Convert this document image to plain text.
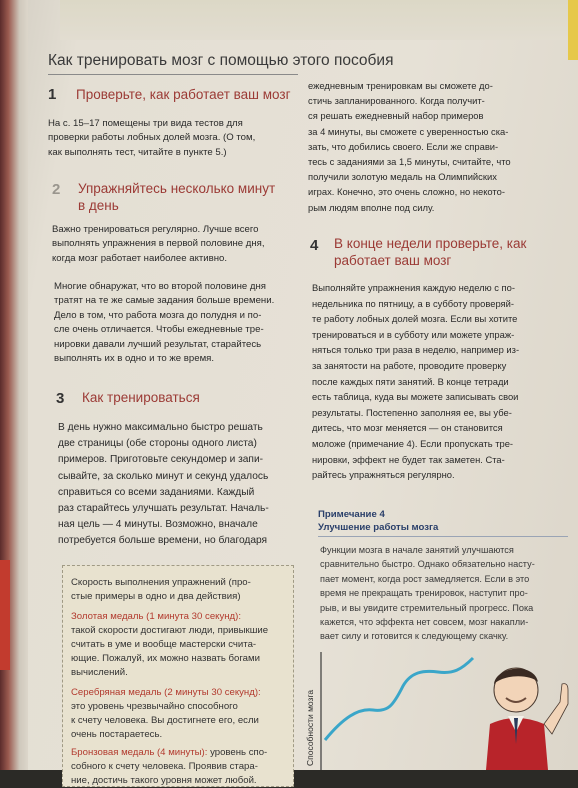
Как тренировать мозг с помощью этого пособия
1 Проверьте, как работает ваш мозг

На с. 15–17 помещены три вида тестов для

проверки работы лобных долей мозга. (О том,

как выполнять тест, читайте в пункте 5.)

2 Упражняйтесь несколько минут
в день

Важно тренироваться регулярно. Лучше всего

выполнять упражнения в первой половине дня,

когда мозг работает наиболее активно.

Многие обнаружат, что во второй половине дня

тратят на те же самые задания больше времени.

Дело в том, что работа мозга до полудня и по-

сле очень отличается. Чтобы ежедневные тре-

нировки давали лучший результат, старайтесь

выполнять их в одно и то же время.

3 Как тренироваться

В день нужно максимально быстро решать

две страницы (обе стороны одного листа)

примеров. Приготовьте секундомер и запи-

сывайте, за сколько минут и секунд удалось

справиться со всеми заданиями. Каждый

раз старайтесь улучшать результат. Началь-

ная цель — 4 минуты. Возможно, вначале

потребуется больше времени, но благодаря

ежедневным тренировкам вы сможете до-

стичь запланированного. Когда получит-

ся решать ежедневный набор примеров

за 4 минуты, вы сможете с уверенностью ска-

зать, что добились своего. Если же справи-

тесь с заданиями за 1,5 минуты, считайте, что

получили золотую медаль на Олимпийских

играх. Конечно, это очень сложно, но некото-

рым людям вполне под силу.

4 В конце недели проверьте, как
работает ваш мозг

Выполняйте упражнения каждую неделю с по-

недельника по пятницу, а в субботу проверяй-

те работу лобных долей мозга. Если вы хотите

тренироваться и в субботу или можете упраж-

няться только три раза в неделю, например из-

за занятости на работе, проводите проверку

после каждых пяти занятий. В конце тетради

есть таблица, куда вы можете записывать свои

результаты. Постепенно заполняя ее, вы убе-

дитесь, что мозг меняется — он становится

моложе (примечание 4). Если пропускать тре-

нировки, эффект не будет так заметен. Ста-

райтесь упражняться регулярно.

Примечание 4
Улучшение работы мозга

Функции мозга в начале занятий улучшаются

сравнительно быстро. Однако обязательно насту-

пает момент, когда рост замедляется. Если в это

время не прекращать тренировок, наступит про-

рыв, и вы увидите стремительный прогресс. Пока

кажется, что эффекта нет совсем, мозг накапли-

вает силу и готовится к следующему скачку.

Способности мозга

Скорость выполнения упражнений (про-

стые примеры в одно и два действия)

Золотая медаль (1 минута 30 секунд):

такой скорости достигают люди, привыкшие

считать в уме и вообще мастерски счита-

ющие. Пожалуй, их можно назвать богами

вычислений.

Серебряная медаль (2 минуты 30 секунд):

это уровень чрезвычайно способного

к счету человека. Вы достигнете его, если

очень постараетесь.

Бронзовая медаль (4 минуты): уровень спо-

собного к счету человека. Проявив стара-

ние, достичь такого уровня может любой.
